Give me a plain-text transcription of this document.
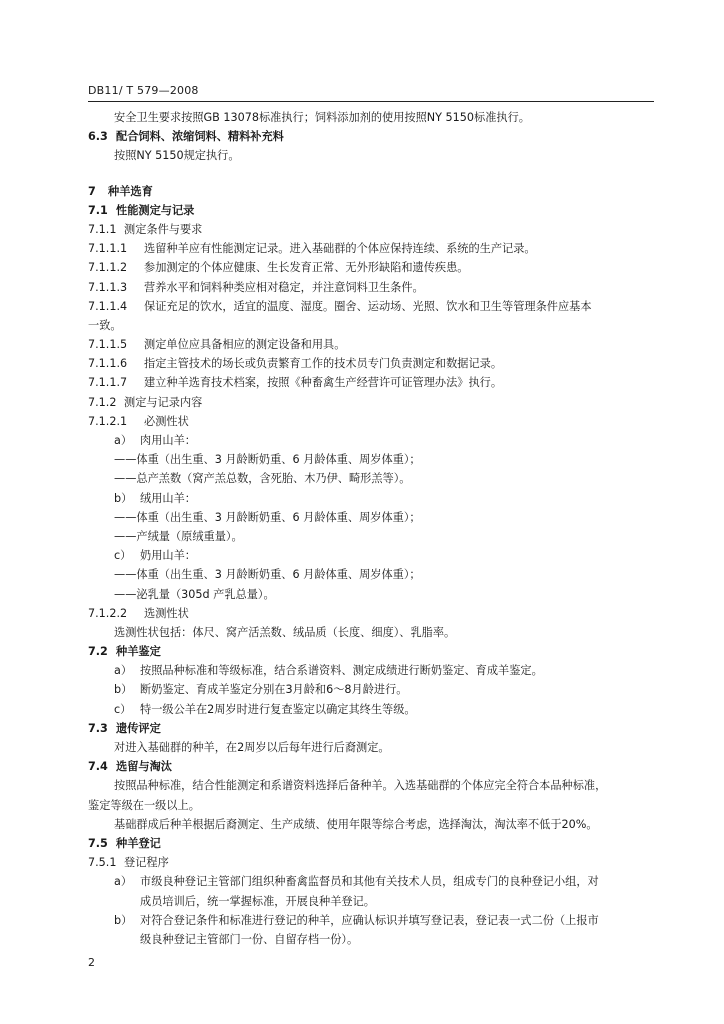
DB11/ T 579—2008
安全卫生要求按照GB 13078标准执行；饲料添加剂的使用按照NY 5150标准执行。
6.3 配合饲料、浓缩饲料、精料补充料
按照NY 5150规定执行。
7 种羊选育
7.1 性能测定与记录
7.1.1 测定条件与要求
7.1.1.1 选留种羊应有性能测定记录。进入基础群的个体应保持连续、系统的生产记录。
7.1.1.2 参加测定的个体应健康、生长发育正常、无外形缺陷和遗传疾患。
7.1.1.3 营养水平和饲料种类应相对稳定，并注意饲料卫生条件。
7.1.1.4 保证充足的饮水，适宜的温度、湿度。圈舍、运动场、光照、饮水和卫生等管理条件应基本
一致。
7.1.1.5 测定单位应具备相应的测定设备和用具。
7.1.1.6 指定主管技术的场长或负责繁育工作的技术员专门负责测定和数据记录。
7.1.1.7 建立种羊选育技术档案，按照《种畜禽生产经营许可证管理办法》执行。
7.1.2 测定与记录内容
7.1.2.1 必测性状
a） 肉用山羊：
——体重（出生重、3 月龄断奶重、6 月龄体重、周岁体重）；
——总产羔数（窝产羔总数，含死胎、木乃伊、畸形羔等）。
b） 绒用山羊：
——体重（出生重、3 月龄断奶重、6 月龄体重、周岁体重）；
——产绒量（原绒重量）。
c） 奶用山羊：
——体重（出生重、3 月龄断奶重、6 月龄体重、周岁体重）；
——泌乳量（305d 产乳总量）。
7.1.2.2 选测性状
选测性状包括：体尺、窝产活羔数、绒品质（长度、细度）、乳脂率。
7.2 种羊鉴定
a） 按照品种标准和等级标准，结合系谱资料、测定成绩进行断奶鉴定、育成羊鉴定。
b） 断奶鉴定、育成羊鉴定分别在3月龄和6～8月龄进行。
c） 特一级公羊在2周岁时进行复查鉴定以确定其终生等级。
7.3 遗传评定
对进入基础群的种羊，在2周岁以后每年进行后裔测定。
7.4 选留与淘汰
按照品种标准，结合性能测定和系谱资料选择后备种羊。入选基础群的个体应完全符合本品种标准，
鉴定等级在一级以上。
基础群成后种羊根据后裔测定、生产成绩、使用年限等综合考虑，选择淘汰，淘汰率不低于20%。
7.5 种羊登记
7.5.1 登记程序
a） 市级良种登记主管部门组织种畜禽监督员和其他有关技术人员，组成专门的良种登记小组，对
成员培训后，统一掌握标准，开展良种羊登记。
b） 对符合登记条件和标准进行登记的种羊，应确认标识并填写登记表，登记表一式二份（上报市
级良种登记主管部门一份、自留存档一份）。
2
